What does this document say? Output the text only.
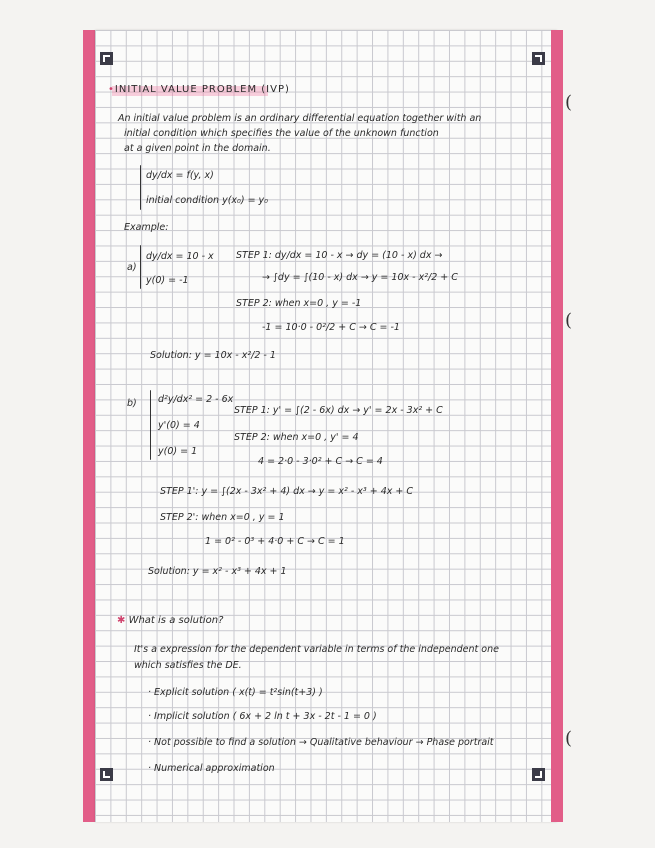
(
(
(
•INITIAL VALUE PROBLEM (IVP)
An initial value problem is an ordinary differential equation together with an
initial condition which specifies the value of the unknown function
at a given point in the domain.
dy/dx = f(y, x)
initial condition y(x₀) = y₀
Example:
a)
dy/dx = 10 - x
y(0) = -1
STEP 1: dy/dx = 10 - x → dy = (10 - x) dx →
→ ∫dy = ∫(10 - x) dx → y = 10x - x²/2 + C
STEP 2: when x=0 , y = -1
-1 = 10·0 - 0²/2 + C → C = -1
Solution: y = 10x - x²/2 - 1
b) d²y/dx² = 2 - 6x
y'(0) = 4
y(0) = 1
STEP 1: y' = ∫(2 - 6x) dx → y' = 2x - 3x² + C
STEP 2: when x=0 , y' = 4
4 = 2·0 - 3·0² + C → C = 4
STEP 1': y = ∫(2x - 3x² + 4) dx → y = x² - x³ + 4x + C
STEP 2': when x=0 , y = 1
1 = 0² - 0³ + 4·0 + C → C = 1
Solution: y = x² - x³ + 4x + 1
✱ What is a solution?
It's a expression for the dependent variable in terms of the independent one
which satisfies the DE.
· Explicit solution ( x(t) = t²sin(t+3) )
· Implicit solution ( 6x + 2 ln t + 3x - 2t - 1 = 0 )
· Not possible to find a solution → Qualitative behaviour → Phase portrait
· Numerical approximation
